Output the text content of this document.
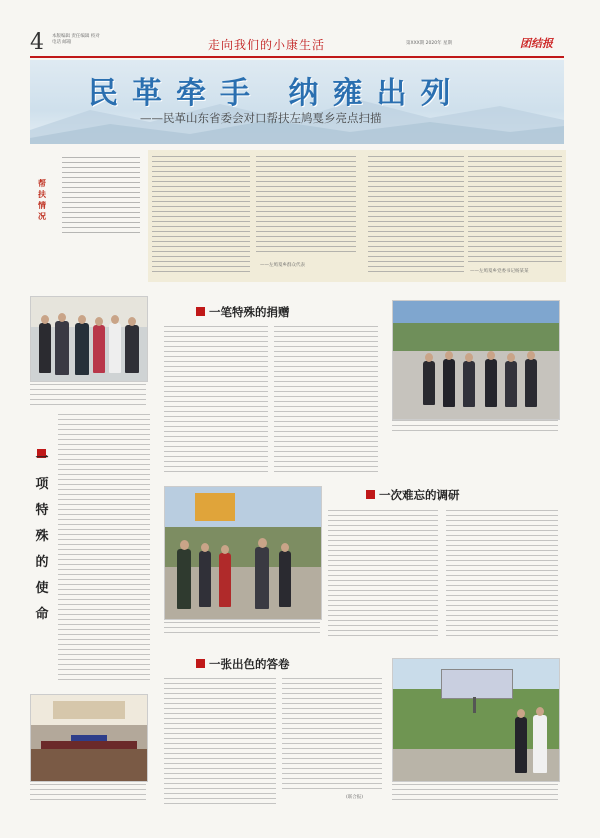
4 本版编辑 责任编辑 校对
电话 邮箱	走向我们的小康生活	第XXX期 2020年 星期	团结报
民革牵手 纳雍出列
——民革山东省委会对口帮扶左鸠戛乡亮点扫描
帮扶情况
——左鸠戛乡群众代表
——左鸠戛乡党委书记杨某某
一
项
特
殊
的
使
命
一笔特殊的捐赠
一次难忘的调研
一张出色的答卷
(联合报)
